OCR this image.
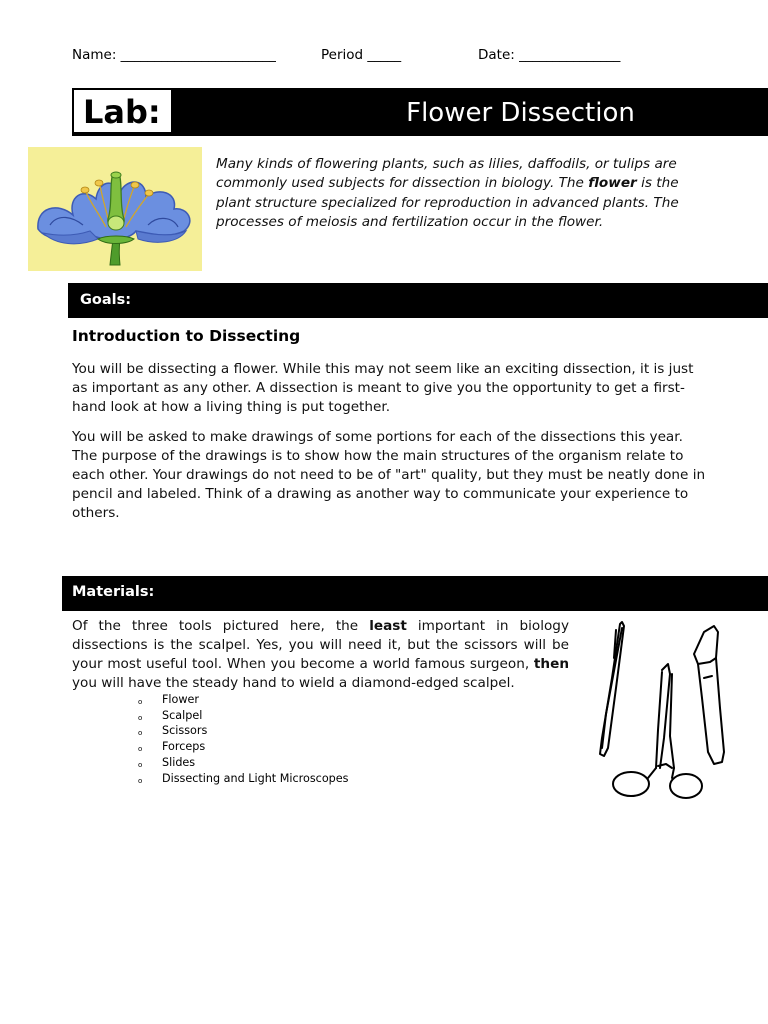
Name: _______________________	Period _____	Date: _______________
Lab:	Flower Dissection

Many kinds of flowering plants, such as lilies, daffodils, or tulips are

commonly used subjects for dissection in biology. The flower is the

plant structure specialized for reproduction in advanced plants. The

processes of meiosis and fertilization occur in the flower.

Goals:
Introduction to Dissecting

You will be dissecting a flower. While this may not seem like an exciting dissection, it is just as important as any other. A dissection is meant to give you the opportunity to get a first-hand look at how a living thing is put together.

You will be asked to make drawings of some portions for each of the dissections this year. The purpose of the drawings is to show how the main structures of the organism relate to each other. Your drawings do not need to be of "art" quality, but they must be neatly done in pencil and labeled. Think of a drawing as another way to communicate your experience to others.

Materials:

Of the three tools pictured here, the least important in biology dissections is the scalpel. Yes, you will need it, but the scissors will be your most useful tool. When you become a world famous surgeon, then you will have the steady hand to wield a diamond-edged scalpel.

o Flower
o Scalpel
o Scissors
o Forceps
o Slides
o Dissecting and Light Microscopes
